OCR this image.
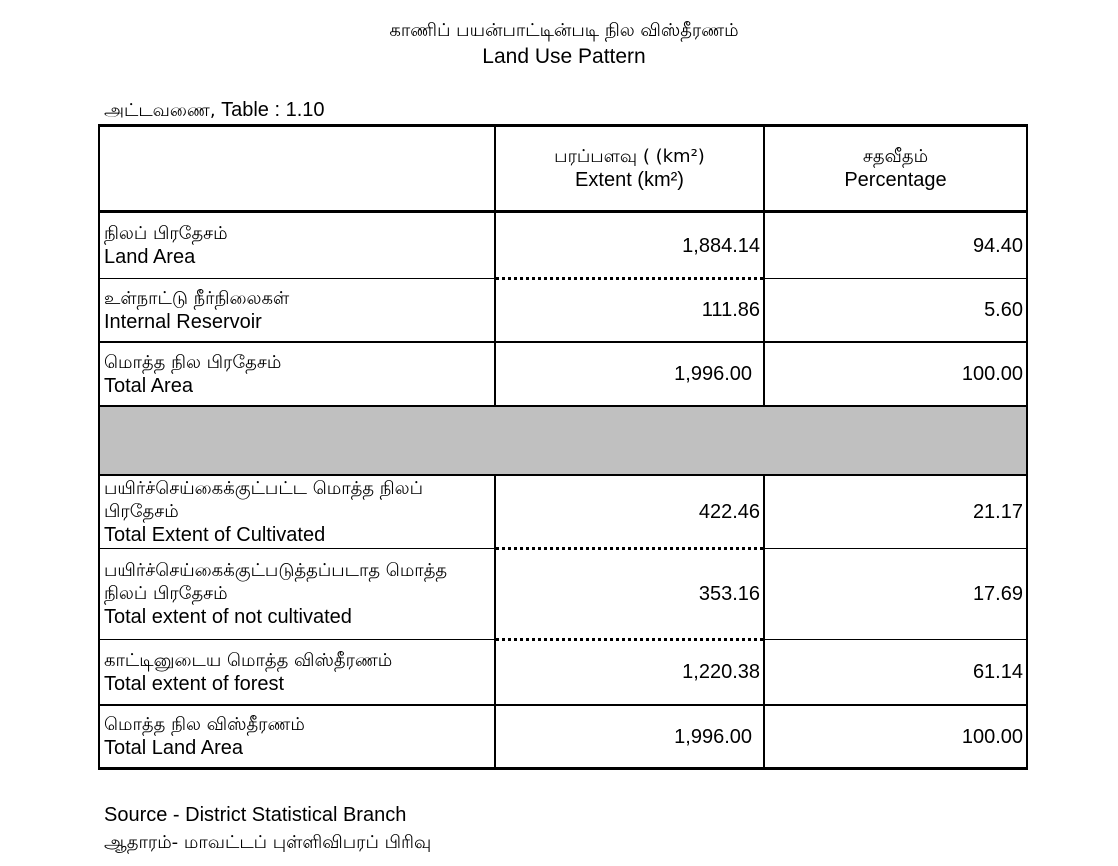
காணிப் பயன்பாட்டின்படி நில விஸ்தீரணம்
Land Use Pattern
அட்டவணை, Table : 1.10
பரப்பளவு ( (km²)
Extent (km²)
சதவீதம்
Percentage
நிலப் பிரதேசம்
Land Area
1,884.14	94.40
உள்நாட்டு நீர்நிலைகள்
Internal Reservoir
111.86	5.60
மொத்த நில பிரதேசம்
Total Area
1,996.00	100.00
பயிர்ச்செய்கைக்குட்பட்ட மொத்த நிலப் பிரதேசம்
Total Extent of Cultivated
422.46	21.17
பயிர்ச்செய்கைக்குட்படுத்தப்படாத மொத்த நிலப் பிரதேசம்
Total extent of not cultivated
353.16	17.69
காட்டினுடைய மொத்த விஸ்தீரணம்
Total extent of forest
1,220.38	61.14
மொத்த நில விஸ்தீரணம்
Total Land Area
1,996.00	100.00
Source - District Statistical Branch
ஆதாரம்- மாவட்டப் புள்ளிவிபரப் பிரிவு
